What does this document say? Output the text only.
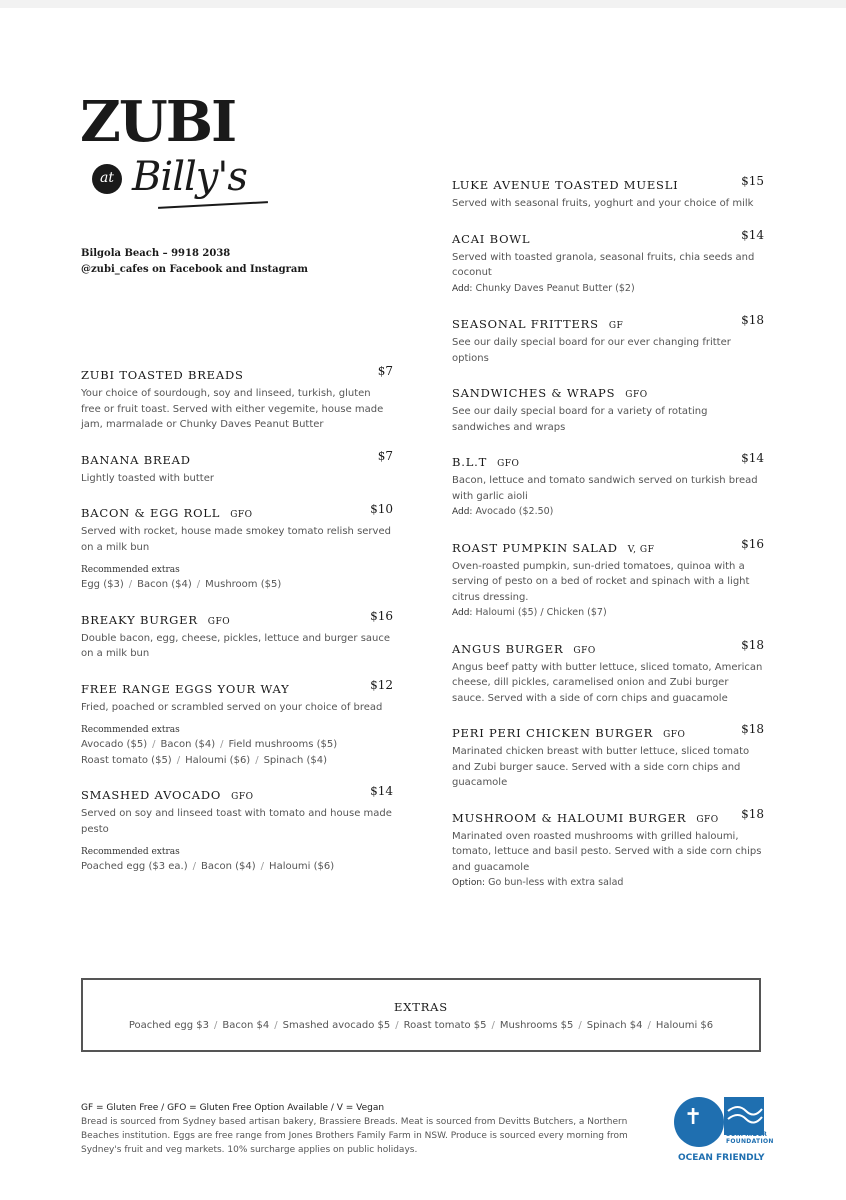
ZUBI
at Billy's
Bilgola Beach – 9918 2038
@zubi_cafes on Facebook and Instagram
ZUBI TOASTED BREADS	$7
Your choice of sourdough, soy and linseed, turkish, gluten free or fruit toast. Served with either vegemite, house made jam, marmalade or Chunky Daves Peanut Butter
BANANA BREAD	$7
Lightly toasted with butter
BACON & EGG ROLL GFO	$10
Served with rocket, house made smokey tomato relish served on a milk bun
Recommended extras
Egg ($3) / Bacon ($4) / Mushroom ($5)
BREAKY BURGER GFO	$16
Double bacon, egg, cheese, pickles, lettuce and burger sauce on a milk bun
FREE RANGE EGGS YOUR WAY	$12
Fried, poached or scrambled served on your choice of bread
Recommended extras
Avocado ($5) / Bacon ($4) / Field mushrooms ($5)
Roast tomato ($5) / Haloumi ($6) / Spinach ($4)
SMASHED AVOCADO GFO	$14
Served on soy and linseed toast with tomato and house made pesto
Recommended extras
Poached egg ($3 ea.) / Bacon ($4) / Haloumi ($6)
LUKE AVENUE TOASTED MUESLI	$15
Served with seasonal fruits, yoghurt and your choice of milk
ACAI BOWL	$14
Served with toasted granola, seasonal fruits, chia seeds and coconut
Add: Chunky Daves Peanut Butter ($2)
SEASONAL FRITTERS GF	$18
See our daily special board for our ever changing fritter options
SANDWICHES & WRAPS GFO
See our daily special board for a variety of rotating sandwiches and wraps
B.L.T GFO	$14
Bacon, lettuce and tomato sandwich served on turkish bread with garlic aioli
Add: Avocado ($2.50)
ROAST PUMPKIN SALAD V, GF	$16
Oven-roasted pumpkin, sun-dried tomatoes, quinoa with a serving of pesto on a bed of rocket and spinach with a light citrus dressing.
Add: Haloumi ($5) / Chicken ($7)
ANGUS BURGER GFO	$18
Angus beef patty with butter lettuce, sliced tomato, American cheese, dill pickles, caramelised onion and Zubi burger sauce. Served with a side of corn chips and guacamole
PERI PERI CHICKEN BURGER GFO	$18
Marinated chicken breast with butter lettuce, sliced tomato and Zubi burger sauce. Served with a side corn chips and guacamole
MUSHROOM & HALOUMI BURGER GFO $18
Marinated oven roasted mushrooms with grilled haloumi, tomato, lettuce and basil pesto. Served with a side corn chips and guacamole
Option: Go bun-less with extra salad
EXTRAS
Poached egg $3 / Bacon $4 / Smashed avocado $5 / Roast tomato $5 / Mushrooms $5 / Spinach $4 / Haloumi $6
GF = Gluten Free / GFO = Gluten Free Option Available / V = Vegan
Bread is sourced from Sydney based artisan bakery, Brassiere Breads. Meat is sourced from Devitts Butchers, a Northern Beaches institution. Eggs are free range from Jones Brothers Family Farm in NSW. Produce is sourced every morning from Sydney's fruit and veg markets. 10% surcharge applies on public holidays.
✝
SURFRIDER FOUNDATION
OCEAN FRIENDLY
